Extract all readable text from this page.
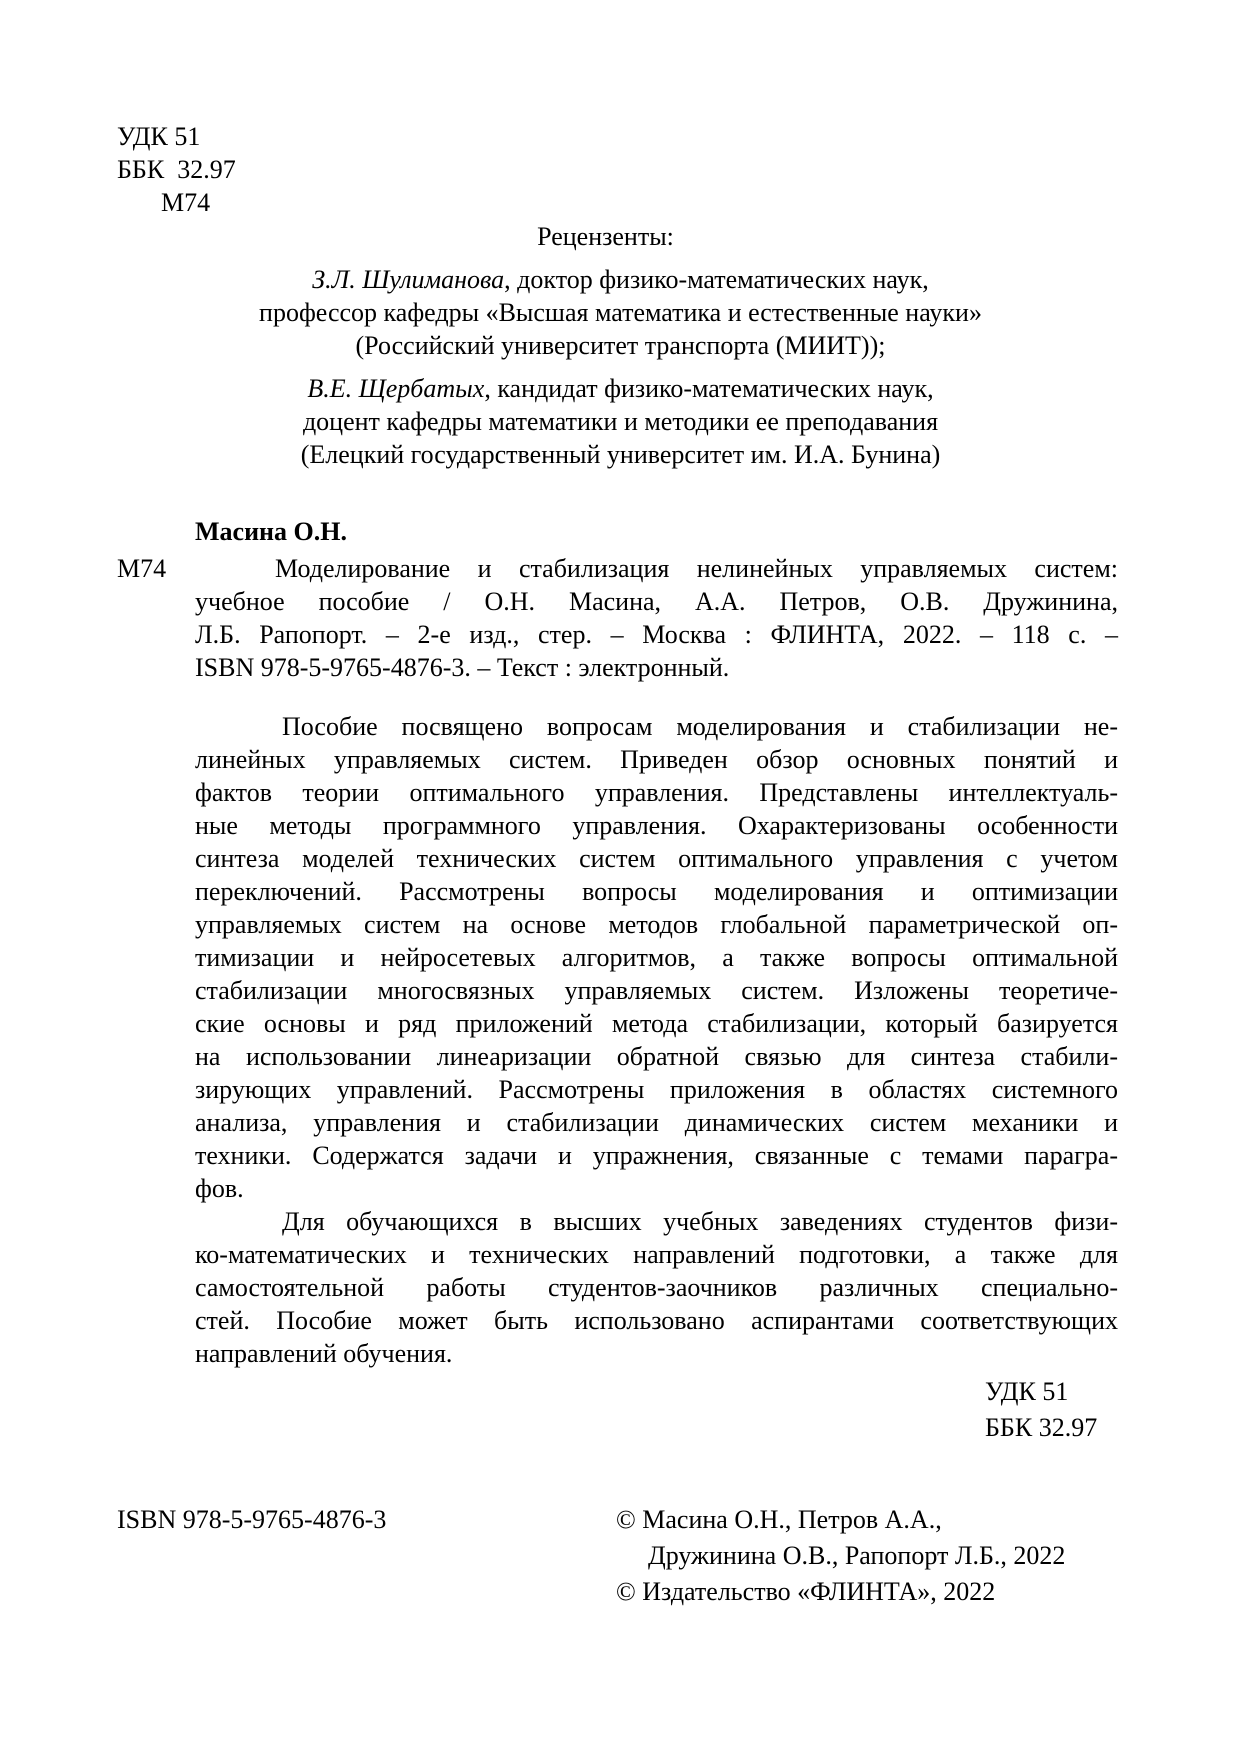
УДК 51
ББК  32.97
М74
Рецензенты:
З.Л. Шулиманова, доктор физико-математических наук,
профессор кафедры «Высшая математика и естественные науки»
(Российский университет транспорта (МИИТ));
В.Е. Щербатых, кандидат физико-математических наук,
доцент кафедры математики и методики ее преподавания
(Елецкий государственный университет им. И.А. Бунина)
Масина О.Н.
М74	Моделирование и стабилизация нелинейных управляемых систем:
учебное пособие / О.Н. Масина, А.А. Петров, О.В. Дружинина,
Л.Б. Рапопорт. – 2-е изд., стер. – Москва : ФЛИНТА, 2022. – 118 с. –
ISBN 978-5-9765-4876-3. – Текст : электронный.
Пособие посвящено вопросам моделирования и стабилизации не-
линейных управляемых систем. Приведен обзор основных понятий и
фактов теории оптимального управления. Представлены интеллектуаль-
ные методы программного управления. Охарактеризованы особенности
синтеза моделей технических систем оптимального управления с учетом
переключений. Рассмотрены вопросы моделирования и оптимизации
управляемых систем на основе методов глобальной параметрической оп-
тимизации и нейросетевых алгоритмов, а также вопросы оптимальной
стабилизации многосвязных управляемых систем. Изложены теоретиче-
ские основы и ряд приложений метода стабилизации, который базируется
на использовании линеаризации обратной связью для синтеза стабили-
зирующих управлений. Рассмотрены приложения в областях системного
анализа, управления и стабилизации динамических систем механики и
техники. Содержатся задачи и упражнения, связанные с темами парагра-
фов.
Для обучающихся в высших учебных заведениях студентов физи-
ко-математических и технических направлений подготовки, а также для
самостоятельной работы студентов-заочников различных специально-
стей. Пособие может быть использовано аспирантами соответствующих
направлений обучения.
УДК 51
ББК 32.97
ISBN 978-5-9765-4876-3	© Масина О.Н., Петров А.А.,
Дружинина О.В., Рапопорт Л.Б., 2022
© Издательство «ФЛИНТА», 2022
